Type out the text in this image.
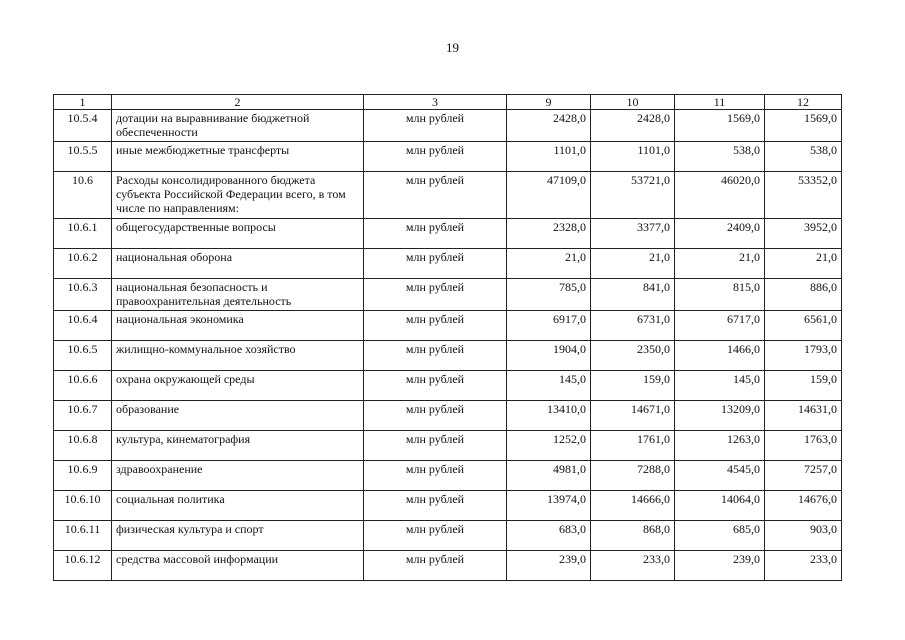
19
1	2	3	9	10	11	12
10.5.4	дотации на выравнивание бюджетной обеспеченности	млн рублей	2428,0	2428,0	1569,0	1569,0
10.5.5	иные межбюджетные трансферты	млн рублей	1101,0	1101,0	538,0	538,0
10.6	Расходы консолидированного бюджета субъекта Российской Федерации всего, в том числе по направлениям:	млн рублей	47109,0	53721,0	46020,0	53352,0
10.6.1	общегосударственные вопросы	млн рублей	2328,0	3377,0	2409,0	3952,0
10.6.2	национальная оборона	млн рублей	21,0	21,0	21,0	21,0
10.6.3	национальная безопасность и правоохранительная деятельность	млн рублей	785,0	841,0	815,0	886,0
10.6.4	национальная экономика	млн рублей	6917,0	6731,0	6717,0	6561,0
10.6.5	жилищно-коммунальное хозяйство	млн рублей	1904,0	2350,0	1466,0	1793,0
10.6.6	охрана окружающей среды	млн рублей	145,0	159,0	145,0	159,0
10.6.7	образование	млн рублей	13410,0	14671,0	13209,0	14631,0
10.6.8	культура, кинематография	млн рублей	1252,0	1761,0	1263,0	1763,0
10.6.9	здравоохранение	млн рублей	4981,0	7288,0	4545,0	7257,0
10.6.10	социальная политика	млн рублей	13974,0	14666,0	14064,0	14676,0
10.6.11	физическая культура и спорт	млн рублей	683,0	868,0	685,0	903,0
10.6.12	средства массовой информации	млн рублей	239,0	233,0	239,0	233,0
